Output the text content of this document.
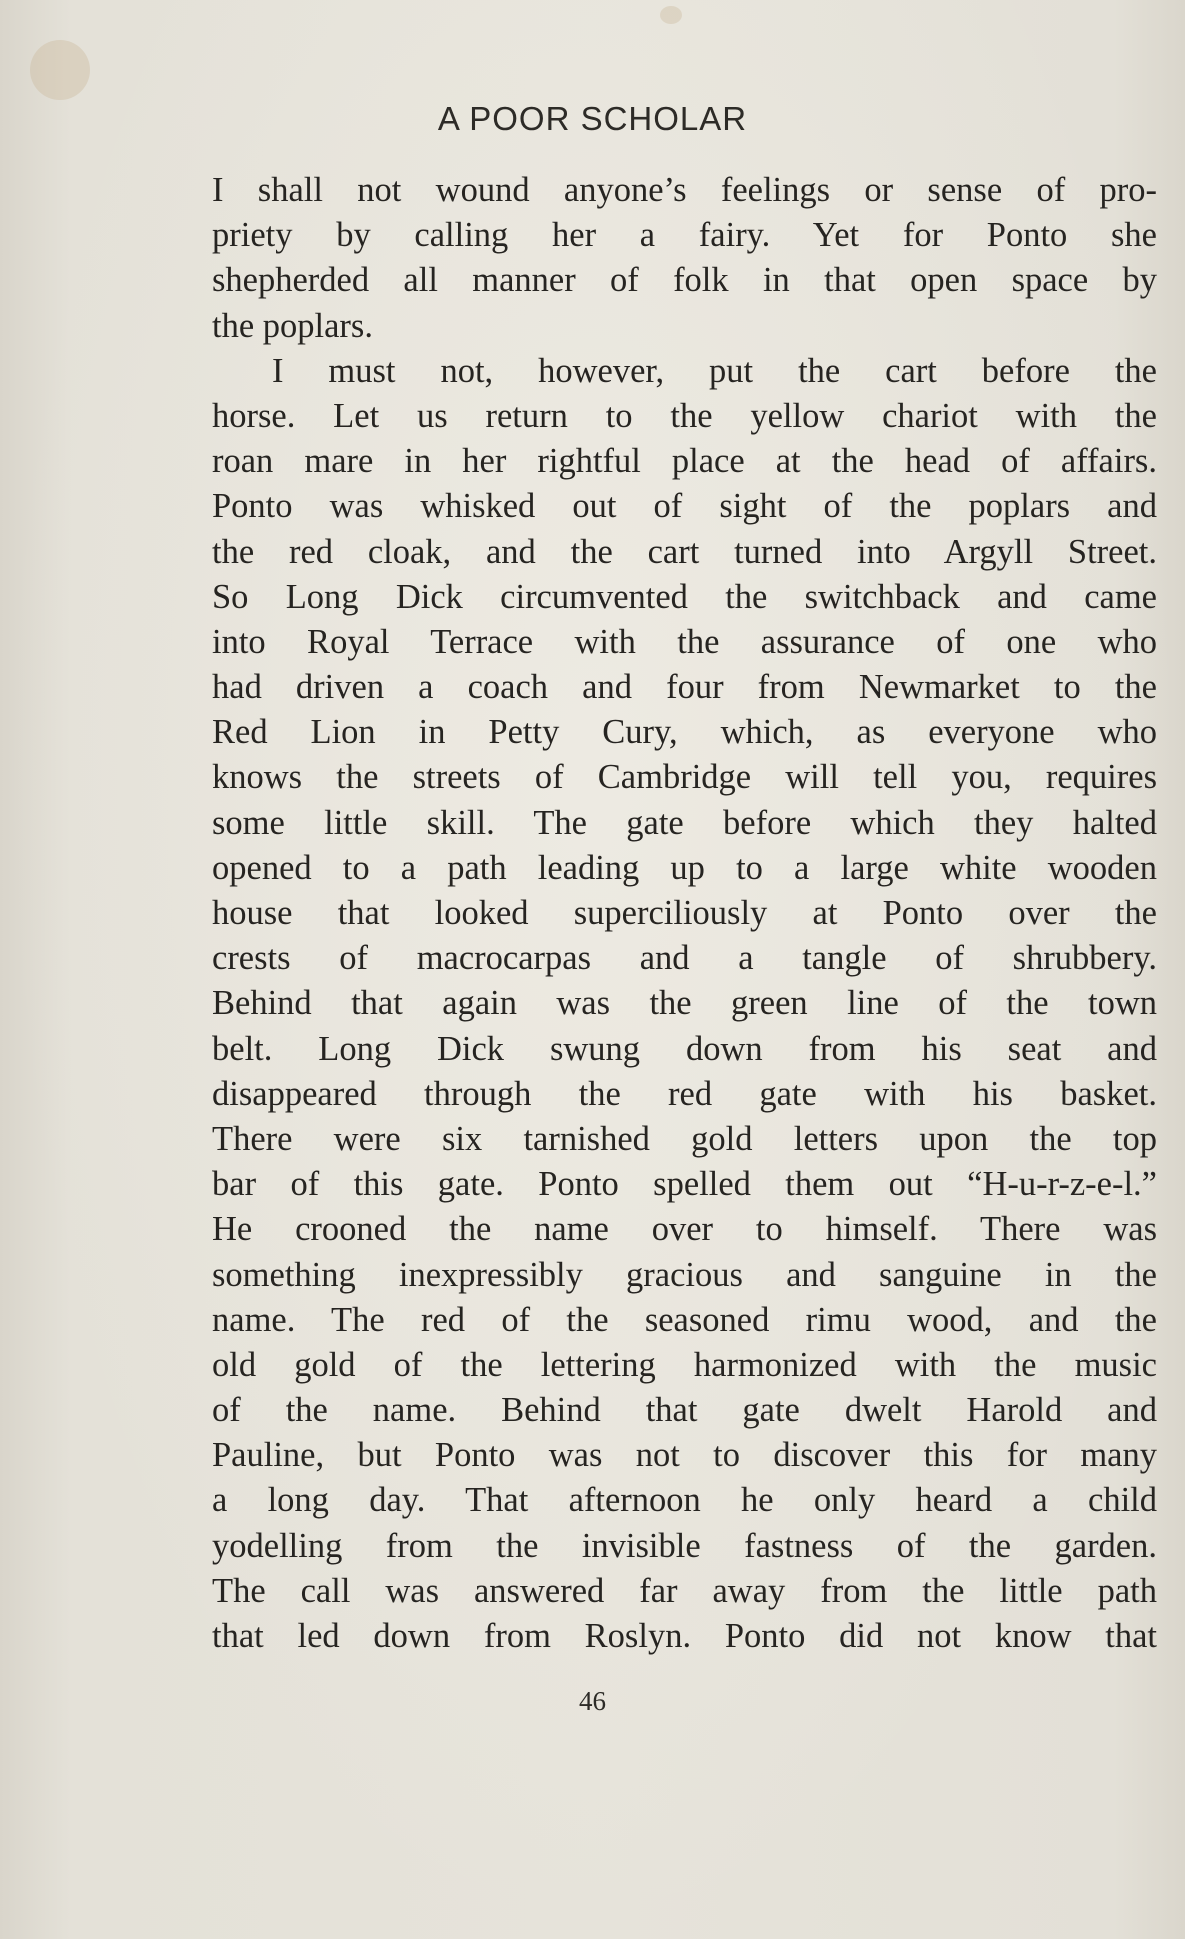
A POOR SCHOLAR
I shall not wound anyone’s feelings or sense of pro-
priety by calling her a fairy. Yet for Ponto she
shepherded all manner of folk in that open space by
the poplars.
I must not, however, put the cart before the
horse. Let us return to the yellow chariot with the
roan mare in her rightful place at the head of affairs.
Ponto was whisked out of sight of the poplars and
the red cloak, and the cart turned into Argyll Street.
So Long Dick circumvented the switchback and came
into Royal Terrace with the assurance of one who
had driven a coach and four from Newmarket to the
Red Lion in Petty Cury, which, as everyone who
knows the streets of Cambridge will tell you, requires
some little skill. The gate before which they halted
opened to a path leading up to a large white wooden
house that looked superciliously at Ponto over the
crests of macrocarpas and a tangle of shrubbery.
Behind that again was the green line of the town
belt. Long Dick swung down from his seat and
disappeared through the red gate with his basket.
There were six tarnished gold letters upon the top
bar of this gate. Ponto spelled them out “H-u-r-z-e-l.”
He crooned the name over to himself. There was
something inexpressibly gracious and sanguine in the
name. The red of the seasoned rimu wood, and the
old gold of the lettering harmonized with the music
of the name. Behind that gate dwelt Harold and
Pauline, but Ponto was not to discover this for many
a long day. That afternoon he only heard a child
yodelling from the invisible fastness of the garden.
The call was answered far away from the little path
that led down from Roslyn. Ponto did not know that
46
